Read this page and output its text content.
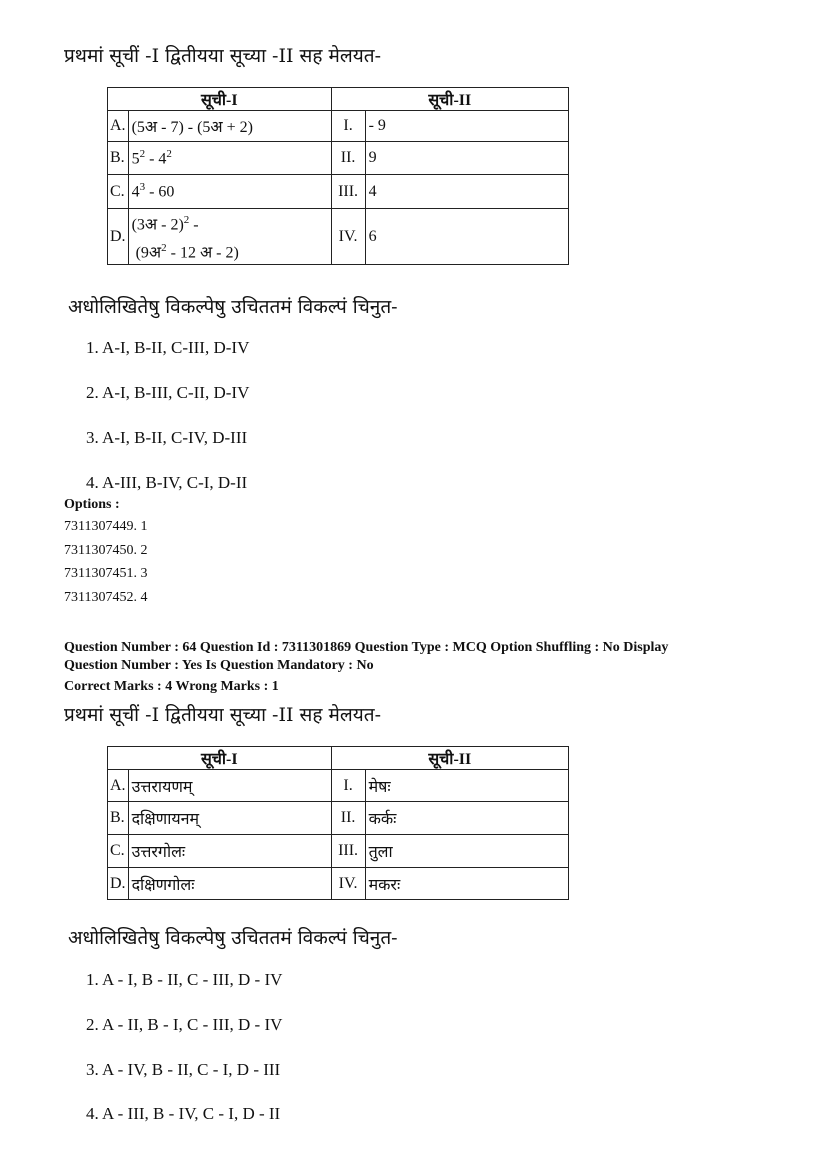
प्रथमां सूचीं -I द्वितीयया सूच्या -II सह मेलयत-
सूची-I		सूची-II	
A.	(5अ - 7) - (5अ + 2)	I.	- 9
B.	$5^2 - 4^2$	II.	9
C.	$4^3 - 60$	III.	4
D.	(3अ - 2)$^2$ -
(9अ$^2$ - 12 अ - 2)	IV.	6
अधोलिखितेषु विकल्पेषु उचिततमं विकल्पं चिनुत-
1. A-I, B-II, C-III, D-IV
2. A-I, B-III, C-II, D-IV
3. A-I, B-II, C-IV, D-III
4. A-III, B-IV, C-I, D-II
Options :
7311307449. 1
7311307450. 2
7311307451. 3
7311307452. 4
Question Number : 64 Question Id : 7311301869 Question Type : MCQ Option Shuffling : No Display
Question Number : Yes Is Question Mandatory : No
Correct Marks : 4 Wrong Marks : 1
प्रथमां सूचीं -I द्वितीयया सूच्या -II सह मेलयत-
सूची-I		सूची-II	
A.	उत्तरायणम्	I.	मेषः
B.	दक्षिणायनम्	II.	कर्कः
C.	उत्तरगोलः	III.	तुला
D.	दक्षिणगोलः	IV.	मकरः
अधोलिखितेषु विकल्पेषु उचिततमं विकल्पं चिनुत-
1. A - I, B - II, C - III, D - IV
2. A - II, B - I, C - III, D - IV
3. A - IV, B - II, C - I, D - III
4. A - III, B - IV, C - I, D - II
